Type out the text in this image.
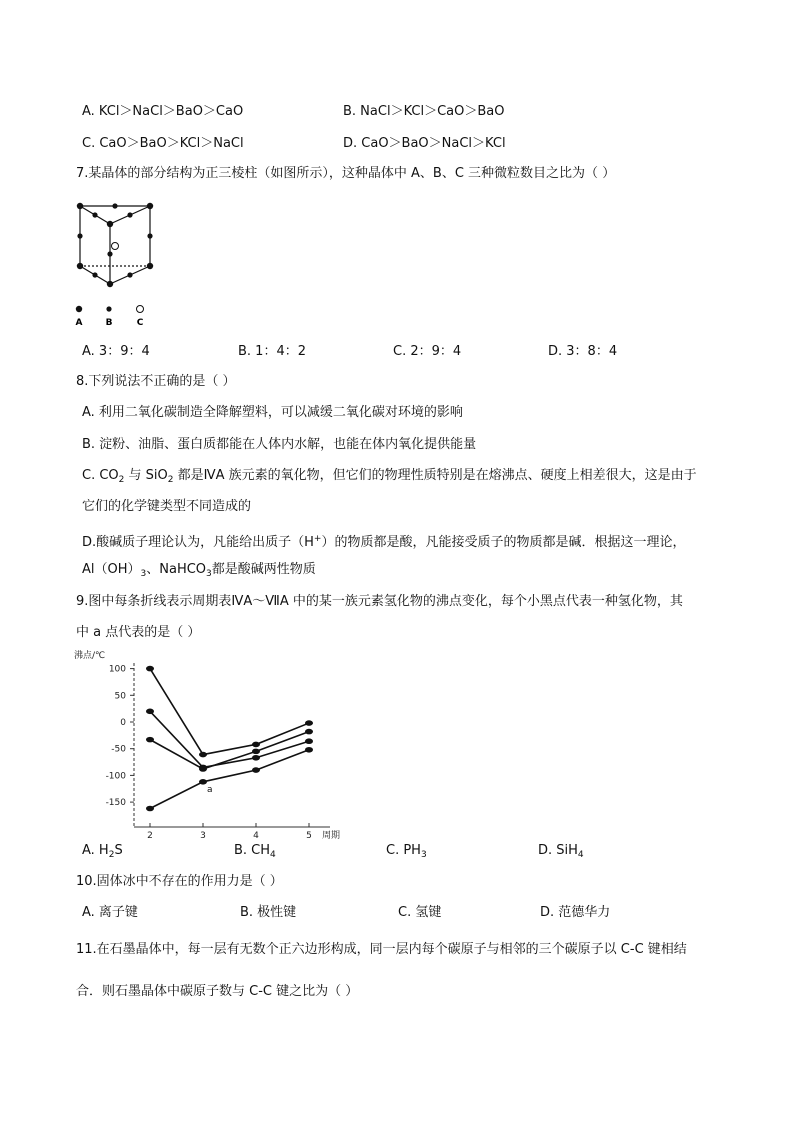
A. KCl＞NaCl＞BaO＞CaO	B. NaCl＞KCl＞CaO＞BaO
C. CaO＞BaO＞KCl＞NaCl	D. CaO＞BaO＞NaCl＞KCl
7.某晶体的部分结构为正三棱柱（如图所示），这种晶体中 A、B、C 三种微粒数目之比为（ ）
A	B	C
A. 3：9：4	B. 1：4：2	C. 2：9：4	D. 3：8：4
8.下列说法不正确的是（ ）
A. 利用二氧化碳制造全降解塑料，可以减缓二氧化碳对环境的影响
B. 淀粉、油脂、蛋白质都能在人体内水解，也能在体内氧化提供能量
C. $CO_2$ 与 SiO$_2$ 都是ⅣA 族元素的氧化物，但它们的物理性质特别是在熔沸点、硬度上相差很大，这是由于
它们的化学键类型不同造成的
D.酸碱质子理论认为，凡能给出质子（H+）的物质都是酸，凡能接受质子的物质都是碱．根据这一理论，
$Al(OH)_3$、NaHCO$_3$都是酸碱两性物质
9.图中每条折线表示周期表ⅣA～ⅦA 中的某一族元素氢化物的沸点变化，每个小黑点代表一种氢化物，其
中 a 点代表的是（ ）
100
50
0
-50
-100
-150
2	3	4	5
沸点/℃
周期
a
A. $H_2S$	B. $CH_4$	C. $PH_3$	D. SiH$_4$
10.固体冰中不存在的作用力是（ ）
A. 离子键	B. 极性键	C. 氢键	D. 范德华力
11.在石墨晶体中，每一层有无数个正六边形构成，同一层内每个碳原子与相邻的三个碳原子以 C-C 键相结
合．则石墨晶体中碳原子数与 C-C 键之比为（ ）
